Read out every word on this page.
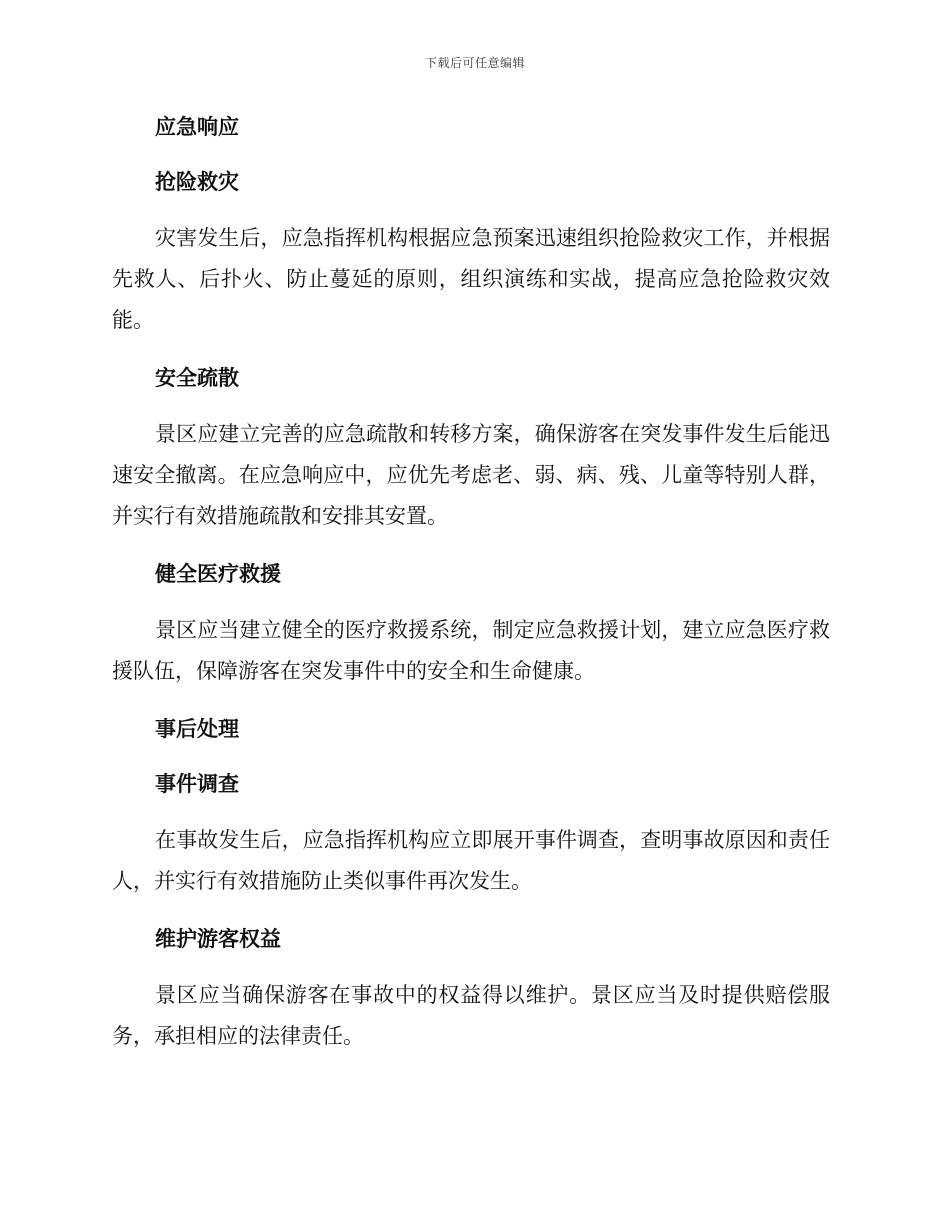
下载后可任意编辑
应急响应
抢险救灾

灾害发生后，应急指挥机构根据应急预案迅速组织抢险救灾工作，并根据先救人、后扑火、防止蔓延的原则，组织演练和实战，提高应急抢险救灾效能。

安全疏散

景区应建立完善的应急疏散和转移方案，确保游客在突发事件发生后能迅速安全撤离。在应急响应中，应优先考虑老、弱、病、残、儿童等特别人群，并实行有效措施疏散和安排其安置。

健全医疗救援

景区应当建立健全的医疗救援系统，制定应急救援计划，建立应急医疗救援队伍，保障游客在突发事件中的安全和生命健康。

事后处理
事件调查

在事故发生后，应急指挥机构应立即展开事件调查，查明事故原因和责任人，并实行有效措施防止类似事件再次发生。

维护游客权益

景区应当确保游客在事故中的权益得以维护。景区应当及时提供赔偿服务，承担相应的法律责任。
